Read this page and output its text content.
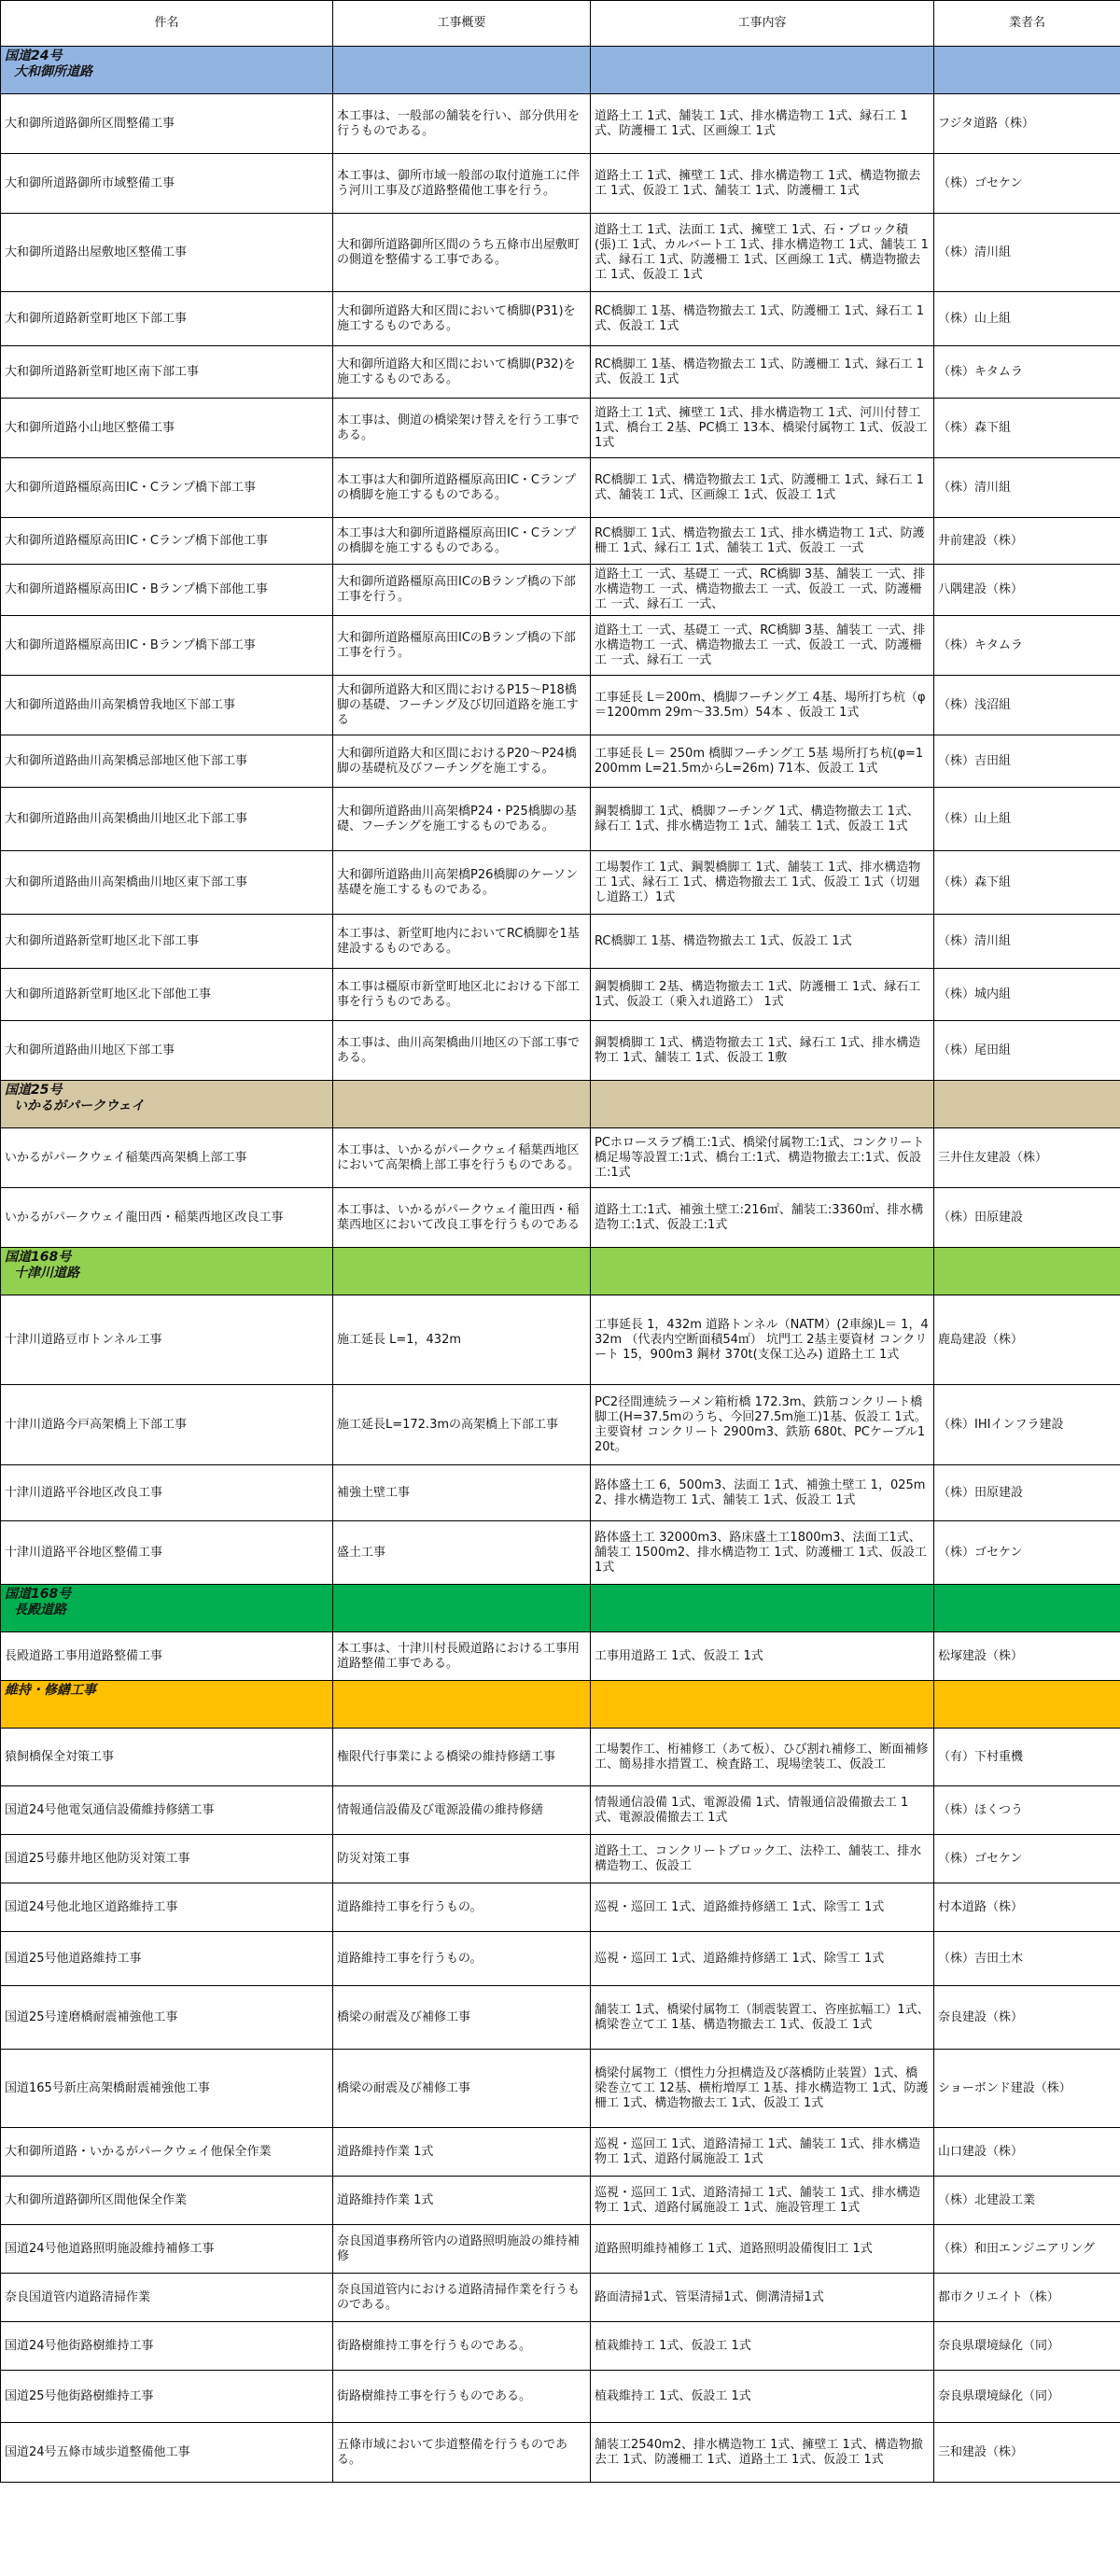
件名	工事概要	工事内容	業者名

国道24号
大和御所道路			

大和御所道路御所区間整備工事	本工事は、一般部の舗装を行い、部分供用を行うものである。	道路土工 1式、舗装工 1式、排水構造物工 1式、縁石工 1式、防護柵工 1式、区画線工 1式	フジタ道路（株）
大和御所道路御所市域整備工事	本工事は、御所市域一般部の取付道施工に伴う河川工事及び道路整備他工事を行う。	道路土工 1式、擁壁工 1式、排水構造物工 1式、構造物撤去工 1式、仮設工 1式、舗装工 1式、防護柵工 1式	（株）ゴセケン
大和御所道路出屋敷地区整備工事	大和御所道路御所区間のうち五條市出屋敷町の側道を整備する工事である。	道路土工 1式、法面工 1式、擁壁工 1式、石・ブロック積(張)工 1式、カルバート工 1式、排水構造物工 1式、舗装工 1式、縁石工 1式、防護柵工 1式、区画線工 1式、構造物撤去工 1式、仮設工 1式	（株）清川組
大和御所道路新堂町地区下部工事	大和御所道路大和区間において橋脚(P31)を施工するものである。	RC橋脚工 1基、構造物撤去工 1式、防護柵工 1式、縁石工 1式、仮設工 1式	（株）山上組
大和御所道路新堂町地区南下部工事	大和御所道路大和区間において橋脚(P32)を施工するものである。	RC橋脚工 1基、構造物撤去工 1式、防護柵工 1式、縁石工 1式、仮設工 1式	（株）キタムラ
大和御所道路小山地区整備工事	本工事は、側道の橋梁架け替えを行う工事である。	道路土工 1式、擁壁工 1式、排水構造物工 1式、河川付替工 1式、橋台工 2基、PC橋工 13本、橋梁付属物工 1式、仮設工 1式	（株）森下組
大和御所道路橿原高田IC・Cランプ橋下部工事	本工事は大和御所道路橿原高田IC・Cランプの橋脚を施工するものである。	RC橋脚工 1式、構造物撤去工 1式、防護柵工 1式、縁石工 1式、舗装工 1式、区画線工 1式、仮設工 1式	（株）清川組
大和御所道路橿原高田IC・Cランプ橋下部他工事	本工事は大和御所道路橿原高田IC・Cランプの橋脚を施工するものである。	RC橋脚工 1式、構造物撤去工 1式、排水構造物工 1式、防護柵工 1式、縁石工 1式、舗装工 1式、仮設工 一式	井前建設（株）
大和御所道路橿原高田IC・Bランプ橋下部他工事	大和御所道路橿原高田ICのBランプ橋の下部工事を行う。	道路土工 一式、基礎工 一式、RC橋脚 3基、舗装工 一式、排水構造物工 一式、構造物撤去工 一式、仮設工 一式、防護柵工 一式、縁石工 一式、	八隅建設（株）
大和御所道路橿原高田IC・Bランプ橋下部工事	大和御所道路橿原高田ICのBランプ橋の下部工事を行う。	道路土工 一式、基礎工 一式、RC橋脚 3基、舗装工 一式、排水構造物工 一式、構造物撤去工 一式、仮設工 一式、防護柵工 一式、縁石工 一式	（株）キタムラ
大和御所道路曲川高架橋曽我地区下部工事	大和御所道路大和区間におけるP15～P18橋脚の基礎、フーチング及び切回道路を施工する	工事延長 L＝200m、橋脚フーチング工 4基、場所打ち杭（φ＝1200mm 29m～33.5m）54本 、仮設工 1式	（株）浅沼組
大和御所道路曲川高架橋忌部地区他下部工事	大和御所道路大和区間におけるP20～P24橋脚の基礎杭及びフーチングを施工する。	工事延長 L＝ 250m 橋脚フーチング工 5基 場所打ち杭(φ=1200mm L=21.5mからL=26m) 71本、仮設工 1式	（株）吉田組
大和御所道路曲川高架橋曲川地区北下部工事	大和御所道路曲川高架橋P24・P25橋脚の基礎、フーチングを施工するものである。	鋼製橋脚工 1式、橋脚フーチング 1式、構造物撤去工 1式、縁石工 1式、排水構造物工 1式、舗装工 1式、仮設工 1式	（株）山上組
大和御所道路曲川高架橋曲川地区東下部工事	大和御所道路曲川高架橋P26橋脚のケーソン基礎を施工するものである。	工場製作工 1式、鋼製橋脚工 1式、舗装工 1式、排水構造物工 1式、縁石工 1式、構造物撤去工 1式、仮設工 1式（切廻し道路工）1式	（株）森下組
大和御所道路新堂町地区北下部工事	本工事は、新堂町地内においてRC橋脚を1基建設するものである。	RC橋脚工 1基、構造物撤去工 1式、仮設工 1式	（株）清川組
大和御所道路新堂町地区北下部他工事	本工事は橿原市新堂町地区北における下部工事を行うものである。	鋼製橋脚工 2基、構造物撤去工 1式、防護柵工 1式、縁石工 1式、仮設工（乗入れ道路工） 1式	（株）城内組
大和御所道路曲川地区下部工事	本工事は、曲川高架橋曲川地区の下部工事である。	鋼製橋脚工 1式、構造物撤去工 1式、縁石工 1式、排水構造物工 1式、舗装工 1式、仮設工 1敷	（株）尾田組

国道25号
いかるがパークウェイ			

いかるがパークウェイ稲葉西高架橋上部工事	本工事は、いかるがパークウェイ稲葉西地区において高架橋上部工事を行うものである。	PCホロースラブ橋工:1式、橋梁付属物工:1式、コンクリート橋足場等設置工:1式、橋台工:1式、構造物撤去工:1式、仮設工:1式	三井住友建設（株）
いかるがパークウェイ龍田西・稲葉西地区改良工事	本工事は、いかるがパークウェイ龍田西・稲葉西地区において改良工事を行うものである	道路土工:1式、補強土壁工:216㎡、舗装工:3360㎡、排水構造物工:1式、仮設工:1式	（株）田原建設

国道168号
十津川道路			

十津川道路豆市トンネル工事	施工延長 L=1，432m	工事延長 1，432m 道路トンネル（NATM）(2車線)L＝ 1，432m （代表内空断面積54㎡） 坑門工 2基主要資材 コンクリート 15，900m3 鋼材 370t(支保工込み) 道路土工 1式	鹿島建設（株）
十津川道路今戸高架橋上下部工事	施工延長L=172.3mの高架橋上下部工事	PC2径間連続ラーメン箱桁橋 172.3m、鉄筋コンクリート橋脚工(H=37.5mのうち、今回27.5m施工)1基、仮設工 1式。主要資材 コンクリート 2900m3、鉄筋 680t、PCケーブル120t。	（株）IHIインフラ建設
十津川道路平谷地区改良工事	補強土壁工事	路体盛土工 6，500m3、法面工 1式、補強土壁工 1，025m2、排水構造物工 1式、舗装工 1式、仮設工 1式	（株）田原建設
十津川道路平谷地区整備工事	盛土工事	路体盛土工 32000m3、路床盛土工1800m3、法面工1式、舗装工 1500m2、排水構造物工 1式、防護柵工 1式、仮設工 1式	（株）ゴセケン

国道168号
長殿道路			

長殿道路工事用道路整備工事	本工事は、十津川村長殿道路における工事用道路整備工事である。	工事用道路工 1式、仮設工 1式	松塚建設（株）

維持・修繕工事			

猿飼橋保全対策工事	権限代行事業による橋梁の維持修繕工事	工場製作工、桁補修工（あて板）、ひび割れ補修工、断面補修工、簡易排水措置工、検査路工、現場塗装工、仮設工	（有）下村重機
国道24号他電気通信設備維持修繕工事	情報通信設備及び電源設備の維持修繕	情報通信設備 1式、電源設備 1式、情報通信設備撤去工 1式、電源設備撤去工 1式	（株）ほくつう
国道25号藤井地区他防災対策工事	防災対策工事	道路土工、コンクリートブロック工、法枠工、舗装工、排水構造物工、仮設工	（株）ゴセケン
国道24号他北地区道路維持工事	道路維持工事を行うもの。	巡視・巡回工 1式、道路維持修繕工 1式、除雪工 1式	村本道路（株）
国道25号他道路維持工事	道路維持工事を行うもの。	巡視・巡回工 1式、道路維持修繕工 1式、除雪工 1式	（株）吉田土木
国道25号達磨橋耐震補強他工事	橋梁の耐震及び補修工事	舗装工 1式、橋梁付属物工（制震装置工、咨座拡幅工）1式、橋梁巻立て工 1基、構造物撤去工 1式、仮設工 1式	奈良建設（株）
国道165号新庄高架橋耐震補強他工事	橋梁の耐震及び補修工事	橋梁付属物工（慣性力分担構造及び落橋防止装置）1式、橋梁巻立て工 12基、横桁増厚工 1基、排水構造物工 1式、防護柵工 1式、構造物撤去工 1式、仮設工 1式	ショーボンド建設（株）
大和御所道路・いかるがパークウェイ他保全作業	道路維持作業 1式	巡視・巡回工 1式、道路清掃工 1式、舗装工 1式、排水構造物工 1式、道路付属施設工 1式	山口建設（株）
大和御所道路御所区間他保全作業	道路維持作業 1式	巡視・巡回工 1式、道路清掃工 1式、舗装工 1式、排水構造物工 1式、道路付属施設工 1式、施設管理工 1式	（株）北建設工業
国道24号他道路照明施設維持補修工事	奈良国道事務所管内の道路照明施設の維持補修	道路照明維持補修工 1式、道路照明設備復旧工 1式	（株）和田エンジニアリング
奈良国道管内道路清掃作業	奈良国道管内における道路清掃作業を行うものである。	路面清掃1式、管渠清掃1式、側溝清掃1式	都市クリエイト（株）
国道24号他街路樹維持工事	街路樹維持工事を行うものである。	植栽維持工 1式、仮設工 1式	奈良県環境緑化（同）
国道25号他街路樹維持工事	街路樹維持工事を行うものである。	植栽維持工 1式、仮設工 1式	奈良県環境緑化（同）
国道24号五條市域歩道整備他工事	五條市域において歩道整備を行うものである。	舗装工2540m2、排水構造物工 1式、擁壁工 1式、構造物撤去工 1式、防護柵工 1式、道路土工 1式、仮設工 1式	三和建設（株）
